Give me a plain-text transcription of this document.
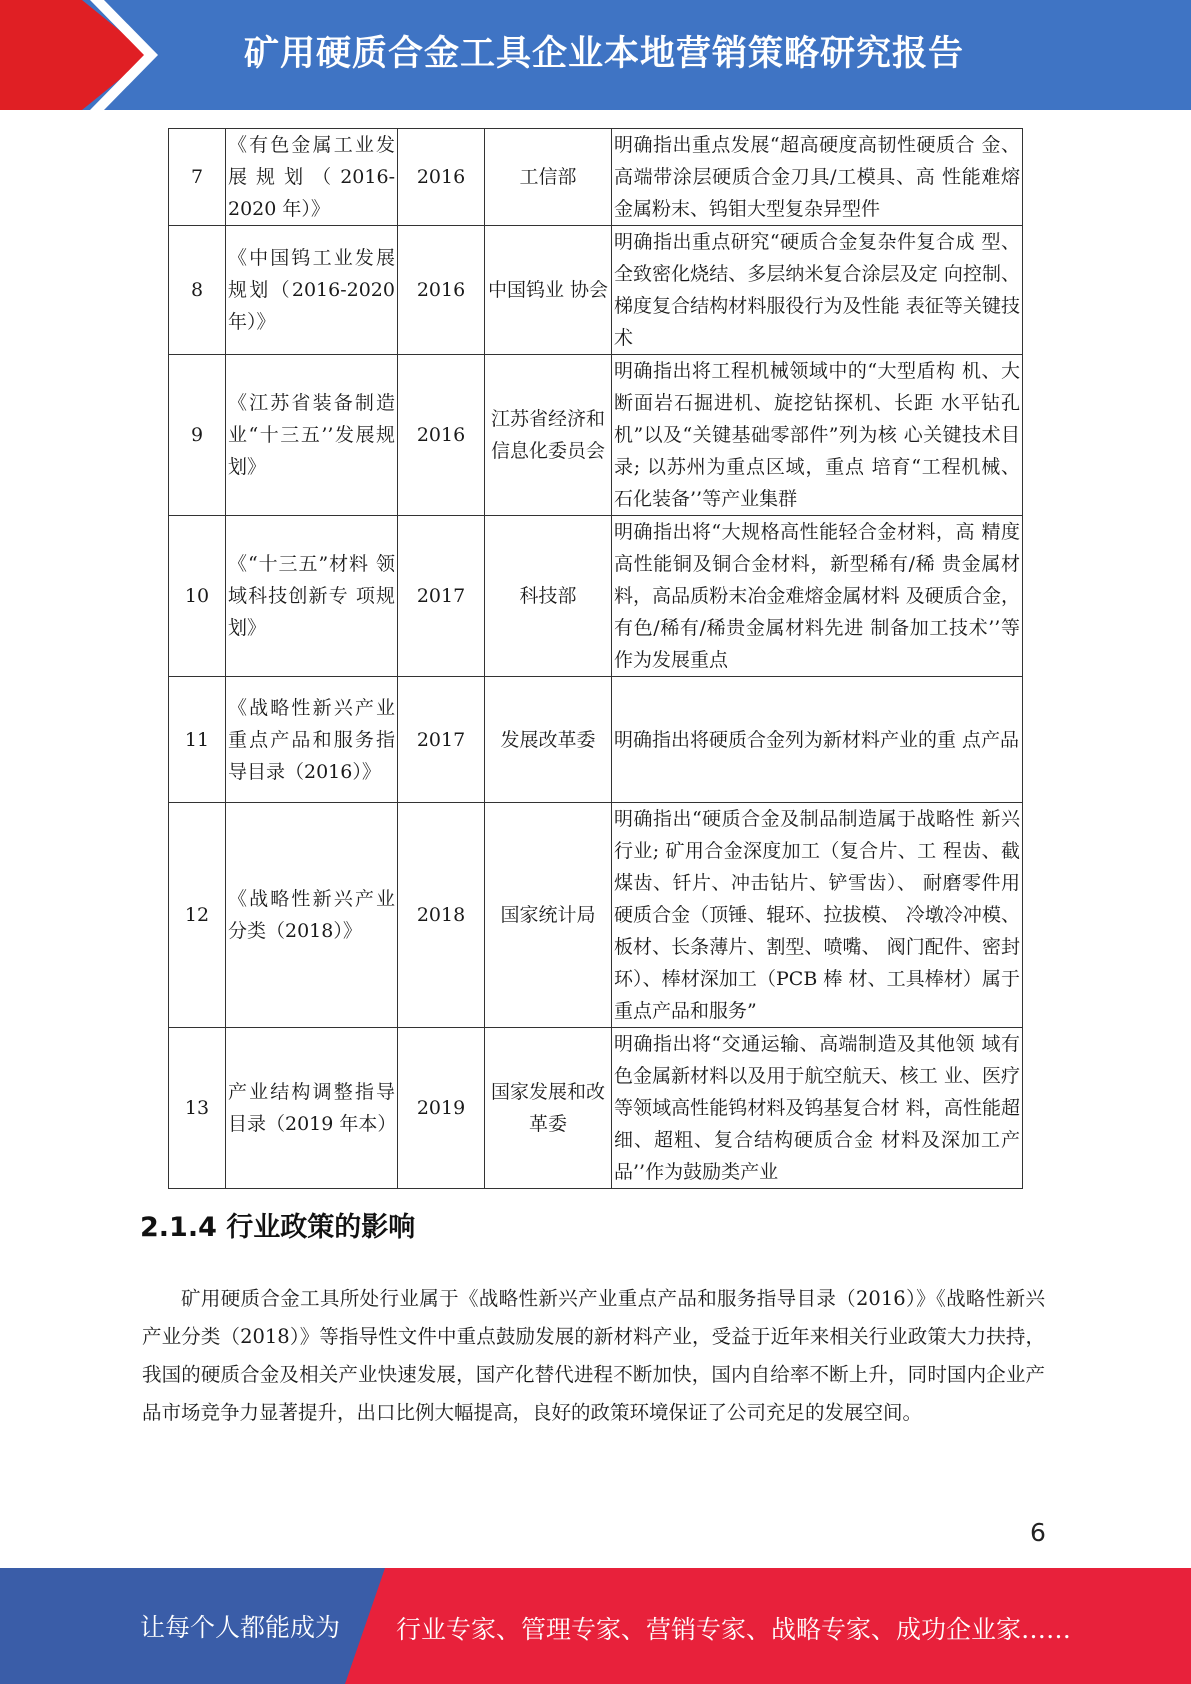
矿用硬质合金工具企业本地营销策略研究报告
7	《有色金属工业发展规划（2016-2020 年）》	2016	工信部	明确指出重点发展“超高硬度高韧性硬质合 金、高端带涂层硬质合金刀具/工模具、高 性能难熔金属粉末、钨钼大型复杂异型件
8	《中国钨工业发展规划（2016-2020 年）》	2016	中国钨业 协会	明确指出重点研究“硬质合金复杂件复合成 型、全致密化烧结、多层纳米复合涂层及定 向控制、梯度复合结构材料服役行为及性能 表征等关键技术
9	《江苏省装备制造业“十三五’’发展规划》	2016	江苏省经济和信息化委员会	明确指出将工程机械领域中的“大型盾构 机、大断面岩石掘进机、旋挖钻探机、长距 水平钻孔机”以及“关键基础零部件”列为核 心关键技术目录; 以苏州为重点区域，重点 培育“工程机械、石化装备’’等产业集群
10	《“十三五”材料 领域科技创新专 项规划》	2017	科技部	明确指出将“大规格高性能轻合金材料，高 精度高性能铜及铜合金材料，新型稀有/稀 贵金属材料，高品质粉末冶金难熔金属材料 及硬质合金，有色/稀有/稀贵金属材料先进 制备加工技术’’等作为发展重点
11	《战略性新兴产业重点产品和服务指导目录（2016）》	2017	发展改革委	明确指出将硬质合金列为新材料产业的重 点产品
12	《战略性新兴产业分类（2018）》	2018	国家统计局	明确指出“硬质合金及制品制造属于战略性 新兴行业; 矿用合金深度加工（复合片、工 程齿、截煤齿、钎片、冲击钻片、铲雪齿）、 耐磨零件用硬质合金（顶锤、辊环、拉拔模、 冷墩冷冲模、板材、长条薄片、割型、喷嘴、 阀门配件、密封环）、棒材深加工（PCB 棒 材、工具棒材）属于重点产品和服务”
13	产业结构调整指导目录（2019 年本）	2019	国家发展和改革委	明确指出将“交通运输、高端制造及其他领 域有色金属新材料以及用于航空航天、核工 业、医疗等领域高性能钨材料及钨基复合材 料，高性能超细、超粗、复合结构硬质合金 材料及深加工产品’’作为鼓励类产业
2.1.4 行业政策的影响
矿用硬质合金工具所处行业属于《战略性新兴产业重点产品和服务指导目录（2016）》《战略性新兴产业分类（2018）》等指导性文件中重点鼓励发展的新材料产业，受益于近年来相关行业政策大力扶持，我国的硬质合金及相关产业快速发展，国产化替代进程不断加快，国内自给率不断上升，同时国内企业产品市场竞争力显著提升，出口比例大幅提高，良好的政策环境保证了公司充足的发展空间。
6
让每个人都能成为 行业专家、管理专家、营销专家、战略专家、成功企业家……
